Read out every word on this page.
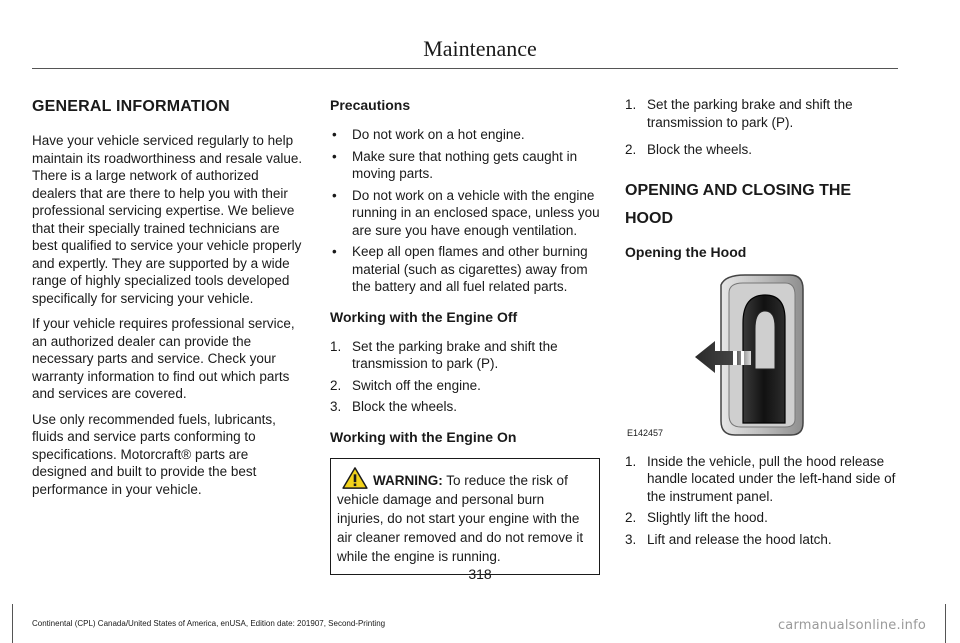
Maintenance
GENERAL INFORMATION

Have your vehicle serviced regularly to help maintain its roadworthiness and resale value. There is a large network of authorized dealers that are there to help you with their professional servicing expertise. We believe that their specially trained technicians are best qualified to service your vehicle properly and expertly. They are supported by a wide range of highly specialized tools developed specifically for servicing your vehicle.

If your vehicle requires professional service, an authorized dealer can provide the necessary parts and service. Check your warranty information to find out which parts and services are covered.

Use only recommended fuels, lubricants, fluids and service parts conforming to specifications. Motorcraft® parts are designed and built to provide the best performance in your vehicle.

Precautions
• Do not work on a hot engine.
• Make sure that nothing gets caught in moving parts.
• Do not work on a vehicle with the engine running in an enclosed space, unless you are sure you have enough ventilation.
• Keep all open flames and other burning material (such as cigarettes) away from the battery and all fuel related parts.
Working with the Engine Off
1. Set the parking brake and shift the transmission to park (P).
2. Switch off the engine.
3. Block the wheels.
Working with the Engine On
WARNING: To reduce the risk of vehicle damage and personal burn injuries, do not start your engine with the air cleaner removed and do not remove it while the engine is running.
1. Set the parking brake and shift the transmission to park (P).
2. Block the wheels.
OPENING AND CLOSING THE HOOD
Opening the Hood
E142457
1. Inside the vehicle, pull the hood release handle located under the left-hand side of the instrument panel.
2. Slightly lift the hood.
3. Lift and release the hood latch.
318
Continental (CPL) Canada/United States of America, enUSA, Edition date: 201907, Second-Printing	carmanualsonline.info
